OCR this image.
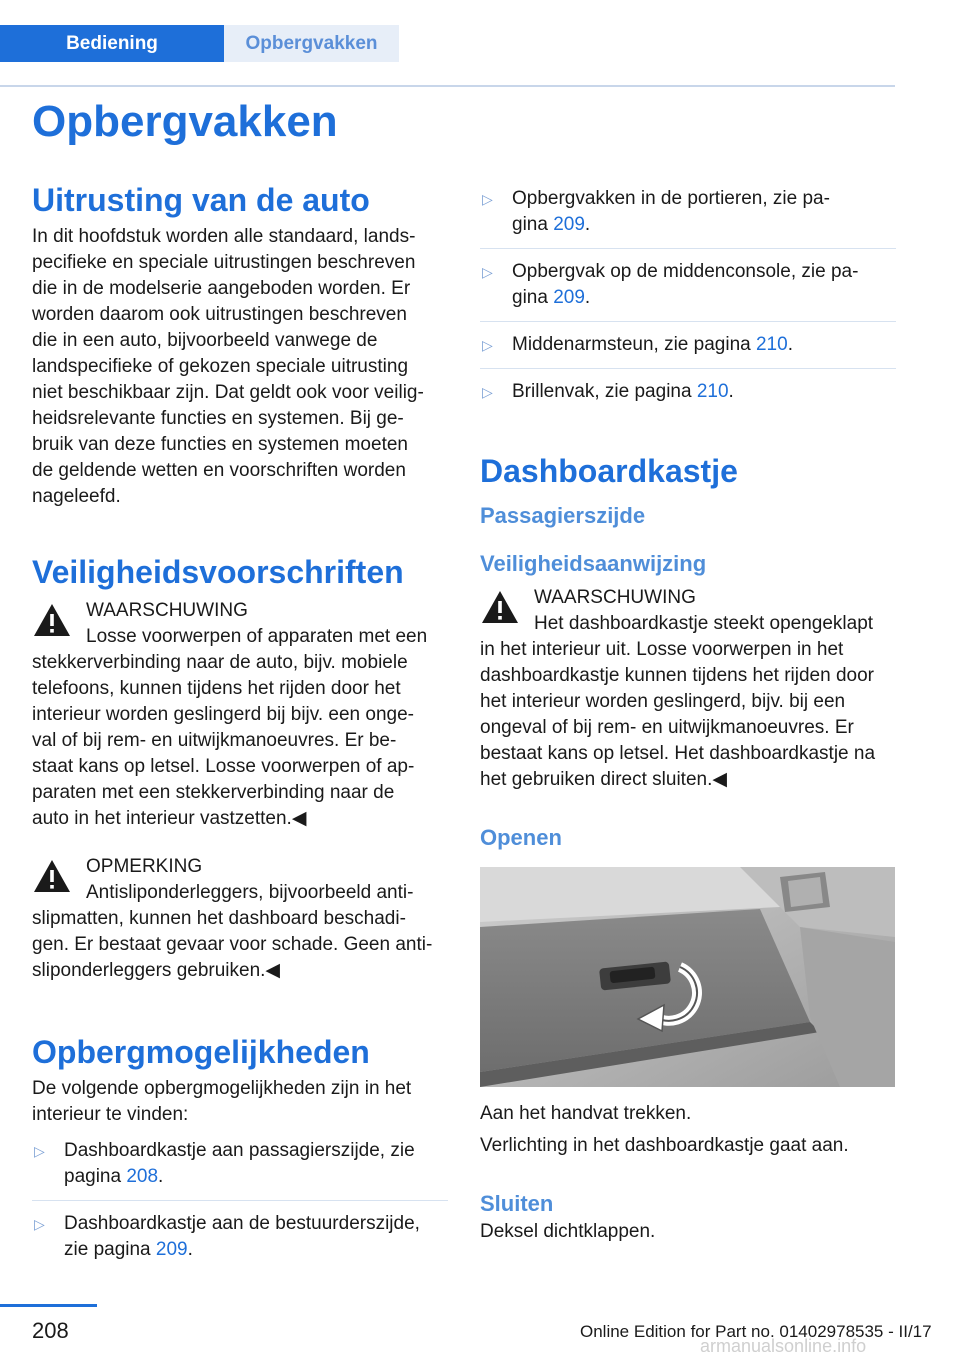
Bediening	Opbergvakken
Opbergvakken
Uitrusting van de auto

In dit hoofdstuk worden alle standaard, lands‐

pecifieke en speciale uitrustingen beschreven

die in de modelserie aangeboden worden. Er

worden daarom ook uitrustingen beschreven

die in een auto, bijvoorbeeld vanwege de

landspecifieke of gekozen speciale uitrusting

niet beschikbaar zijn. Dat geldt ook voor veilig‐

heidsrelevante functies en systemen. Bij ge‐

bruik van deze functies en systemen moeten

de geldende wetten en voorschriften worden

nageleefd.

Veiligheidsvoorschriften
WAARSCHUWING
Losse voorwerpen of apparaten met een
stekkerverbinding naar de auto, bijv. mobiele
telefoons, kunnen tijdens het rijden door het
interieur worden geslingerd bij bijv. een onge‐
val of bij rem- en uitwijkmanoeuvres. Er be‐
staat kans op letsel. Losse voorwerpen of ap‐
paraten met een stekkerverbinding naar de
auto in het interieur vastzetten.◀
OPMERKING
Antisliponderleggers, bijvoorbeeld anti‐
slipmatten, kunnen het dashboard beschadi‐
gen. Er bestaat gevaar voor schade. Geen anti‐
sliponderleggers gebruiken.◀
Opbergmogelijkheden

De volgende opbergmogelijkheden zijn in het

interieur te vinden:

▷ Dashboardkastje aan passagierszijde, zie
pagina 208.
▷ Dashboardkastje aan de bestuurderszijde,
zie pagina 209.
▷ Opbergvakken in de portieren, zie pa‐
gina 209.
▷ Opbergvak op de middenconsole, zie pa‐
gina 209.
▷ Middenarmsteun, zie pagina 210.
▷ Brillenvak, zie pagina 210.
Dashboardkastje
Passagierszijde
Veiligheidsaanwijzing
WAARSCHUWING
Het dashboardkastje steekt opengeklapt
in het interieur uit. Losse voorwerpen in het
dashboardkastje kunnen tijdens het rijden door
het interieur worden geslingerd, bijv. bij een
ongeval of bij rem- en uitwijkmanoeuvres. Er
bestaat kans op letsel. Het dashboardkastje na
het gebruiken direct sluiten.◀
Openen

Aan het handvat trekken.

Verlichting in het dashboardkastje gaat aan.

Sluiten

Deksel dichtklappen.

208	Online Edition for Part no. 01402978535 - II/17
armanualsonline.info
